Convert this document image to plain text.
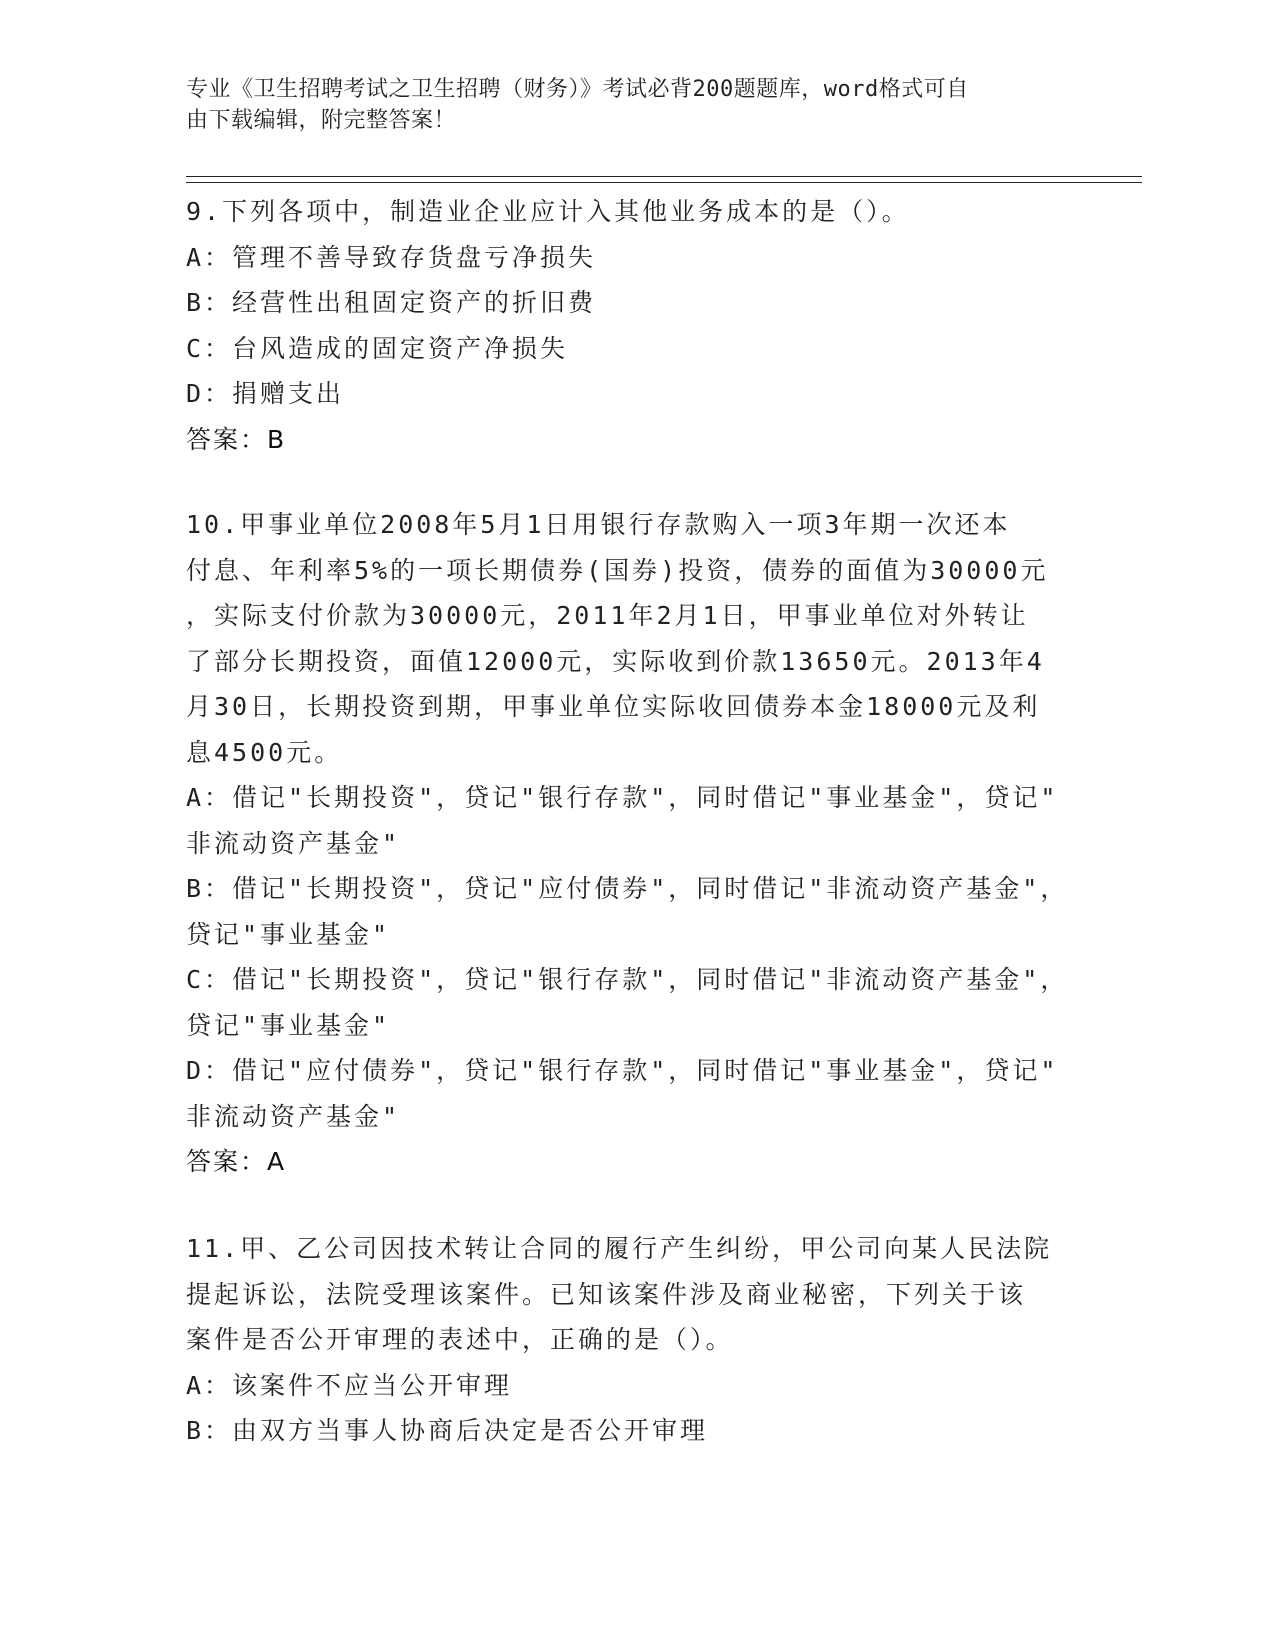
专业《卫生招聘考试之卫生招聘（财务）》考试必背200题题库，word格式可自
由下载编辑，附完整答案！
9.下列各项中，制造业企业应计入其他业务成本的是（）。
A：管理不善导致存货盘亏净损失
B：经营性出租固定资产的折旧费
C：台风造成的固定资产净损失
D：捐赠支出
答案：B
10.甲事业单位2008年5月1日用银行存款购入一项3年期一次还本
付息、年利率5%的一项长期债券(国券)投资，债券的面值为30000元
，实际支付价款为30000元，2011年2月1日，甲事业单位对外转让
了部分长期投资，面值12000元，实际收到价款13650元。2013年4
月30日，长期投资到期，甲事业单位实际收回债券本金18000元及利
息4500元。
A：借记"长期投资"，贷记"银行存款"，同时借记"事业基金"，贷记"
非流动资产基金"
B：借记"长期投资"，贷记"应付债券"，同时借记"非流动资产基金"，
贷记"事业基金"
C：借记"长期投资"，贷记"银行存款"，同时借记"非流动资产基金"，
贷记"事业基金"
D：借记"应付债券"，贷记"银行存款"，同时借记"事业基金"，贷记"
非流动资产基金"
答案：A
11.甲、乙公司因技术转让合同的履行产生纠纷，甲公司向某人民法院
提起诉讼，法院受理该案件。已知该案件涉及商业秘密，下列关于该
案件是否公开审理的表述中，正确的是（）。
A：该案件不应当公开审理
B：由双方当事人协商后决定是否公开审理
